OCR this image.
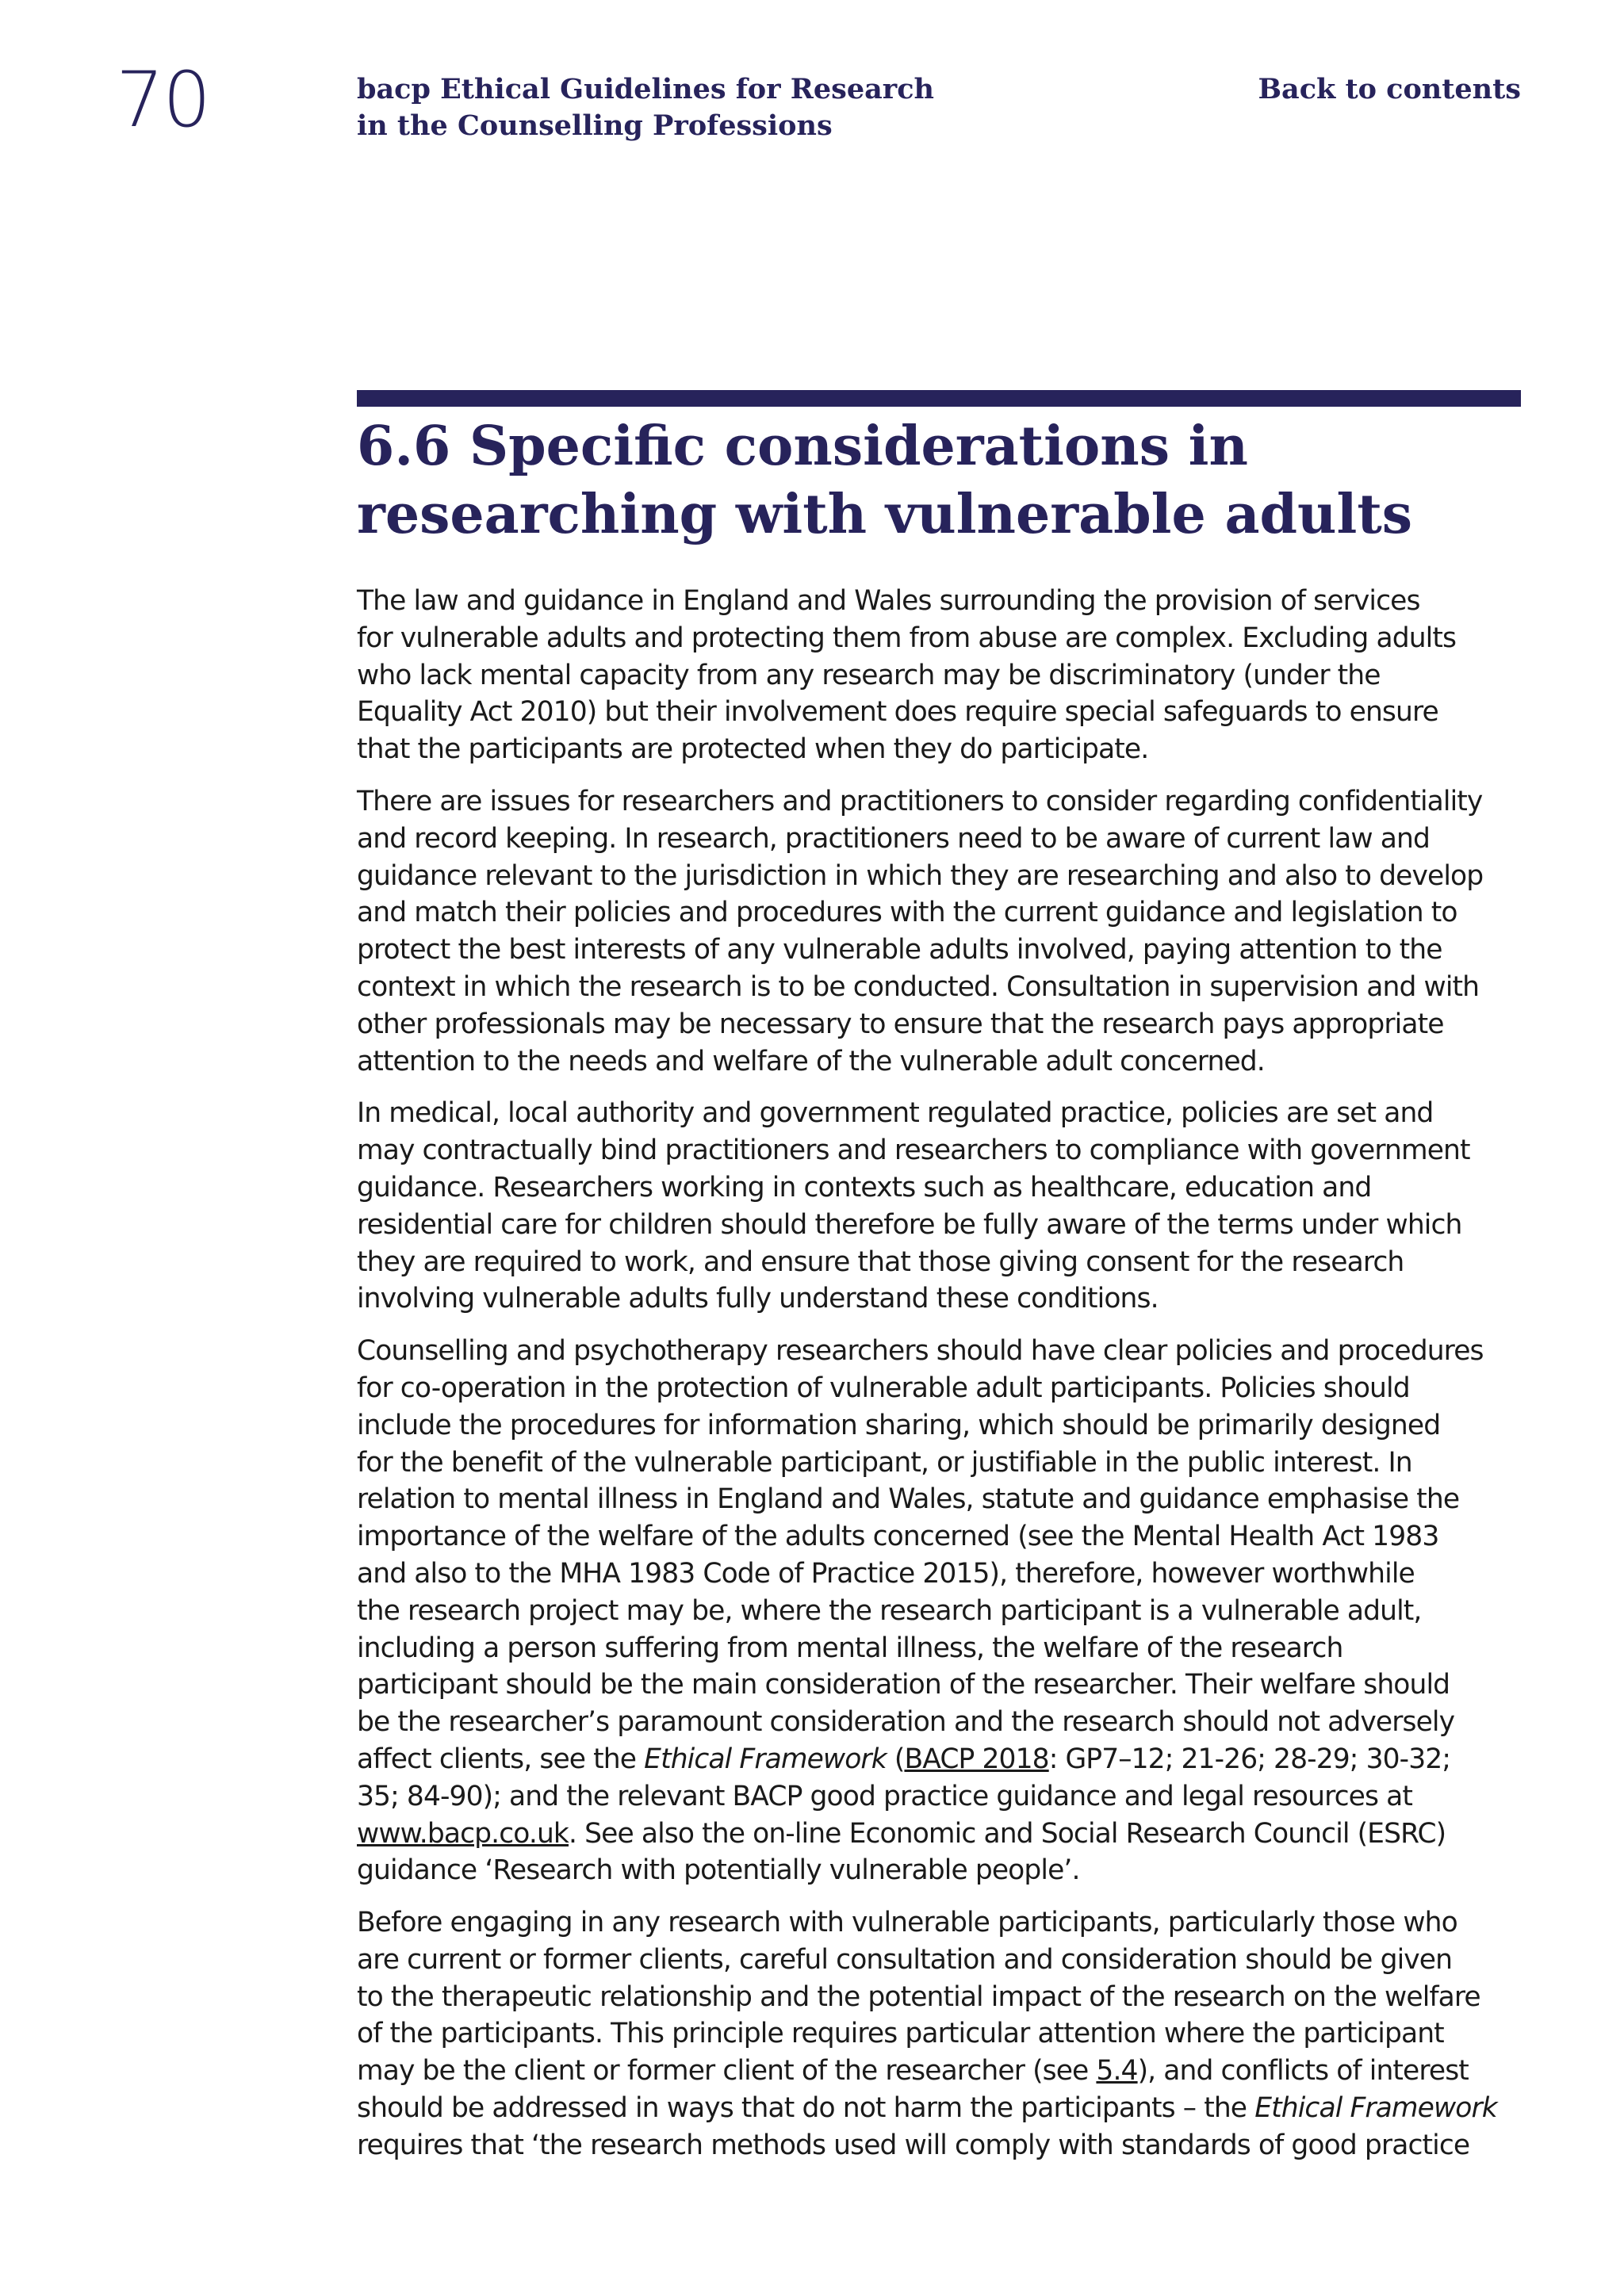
70	bacp Ethical Guidelines for Research
in the Counselling Professions
Back to contents
6.6 Specific considerations in
researching with vulnerable adults

The law and guidance in England and Wales surrounding the provision of services
for vulnerable adults and protecting them from abuse are complex. Excluding adults
who lack mental capacity from any research may be discriminatory (under the
Equality Act 2010) but their involvement does require special safeguards to ensure
that the participants are protected when they do participate.

There are issues for researchers and practitioners to consider regarding confidentiality
and record keeping. In research, practitioners need to be aware of current law and
guidance relevant to the jurisdiction in which they are researching and also to develop
and match their policies and procedures with the current guidance and legislation to
protect the best interests of any vulnerable adults involved, paying attention to the
context in which the research is to be conducted. Consultation in supervision and with
other professionals may be necessary to ensure that the research pays appropriate
attention to the needs and welfare of the vulnerable adult concerned.

In medical, local authority and government regulated practice, policies are set and
may contractually bind practitioners and researchers to compliance with government
guidance. Researchers working in contexts such as healthcare, education and
residential care for children should therefore be fully aware of the terms under which
they are required to work, and ensure that those giving consent for the research
involving vulnerable adults fully understand these conditions.

Counselling and psychotherapy researchers should have clear policies and procedures
for co-operation in the protection of vulnerable adult participants. Policies should
include the procedures for information sharing, which should be primarily designed
for the benefit of the vulnerable participant, or justifiable in the public interest. In
relation to mental illness in England and Wales, statute and guidance emphasise the
importance of the welfare of the adults concerned (see the Mental Health Act 1983
and also to the MHA 1983 Code of Practice 2015), therefore, however worthwhile
the research project may be, where the research participant is a vulnerable adult,
including a person suffering from mental illness, the welfare of the research
participant should be the main consideration of the researcher. Their welfare should
be the researcher’s paramount consideration and the research should not adversely
affect clients, see the Ethical Framework (BACP 2018: GP7–12; 21-26; 28-29; 30-32;
35; 84-90); and the relevant BACP good practice guidance and legal resources at
www.bacp.co.uk. See also the on-line Economic and Social Research Council (ESRC)
guidance ‘Research with potentially vulnerable people’.

Before engaging in any research with vulnerable participants, particularly those who
are current or former clients, careful consultation and consideration should be given
to the therapeutic relationship and the potential impact of the research on the welfare
of the participants. This principle requires particular attention where the participant
may be the client or former client of the researcher (see 5.4), and conflicts of interest
should be addressed in ways that do not harm the participants – the Ethical Framework
requires that ‘the research methods used will comply with standards of good practice
